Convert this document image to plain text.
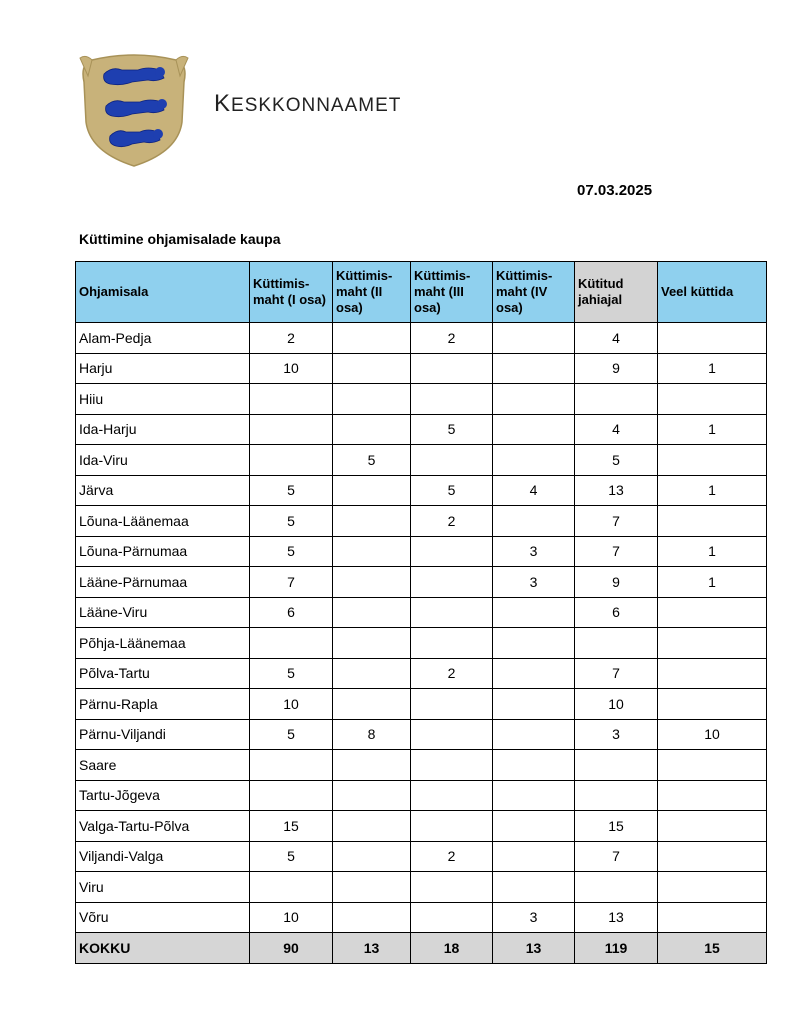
KESKKONNAAMET
07.03.2025
Küttimine ohjamisalade kaupa
Ohjamisala	Küttimis-maht (I osa)	Küttimis-maht (II osa)	Küttimis-maht (III osa)	Küttimis-maht (IV osa)	Kütitud jahiajal	Veel küttida
Alam-Pedja	2		2		4	
Harju	10				9	1
Hiiu						
Ida-Harju			5		4	1
Ida-Viru		5			5	
Järva	5		5	4	13	1
Lõuna-Läänemaa	5		2		7	
Lõuna-Pärnumaa	5			3	7	1
Lääne-Pärnumaa	7			3	9	1
Lääne-Viru	6				6	
Põhja-Läänemaa						
Põlva-Tartu	5		2		7	
Pärnu-Rapla	10				10	
Pärnu-Viljandi	5	8			3	10
Saare						
Tartu-Jõgeva						
Valga-Tartu-Põlva	15				15	
Viljandi-Valga	5		2		7	
Viru						
Võru	10			3	13	
KOKKU	90	13	18	13	119	15
